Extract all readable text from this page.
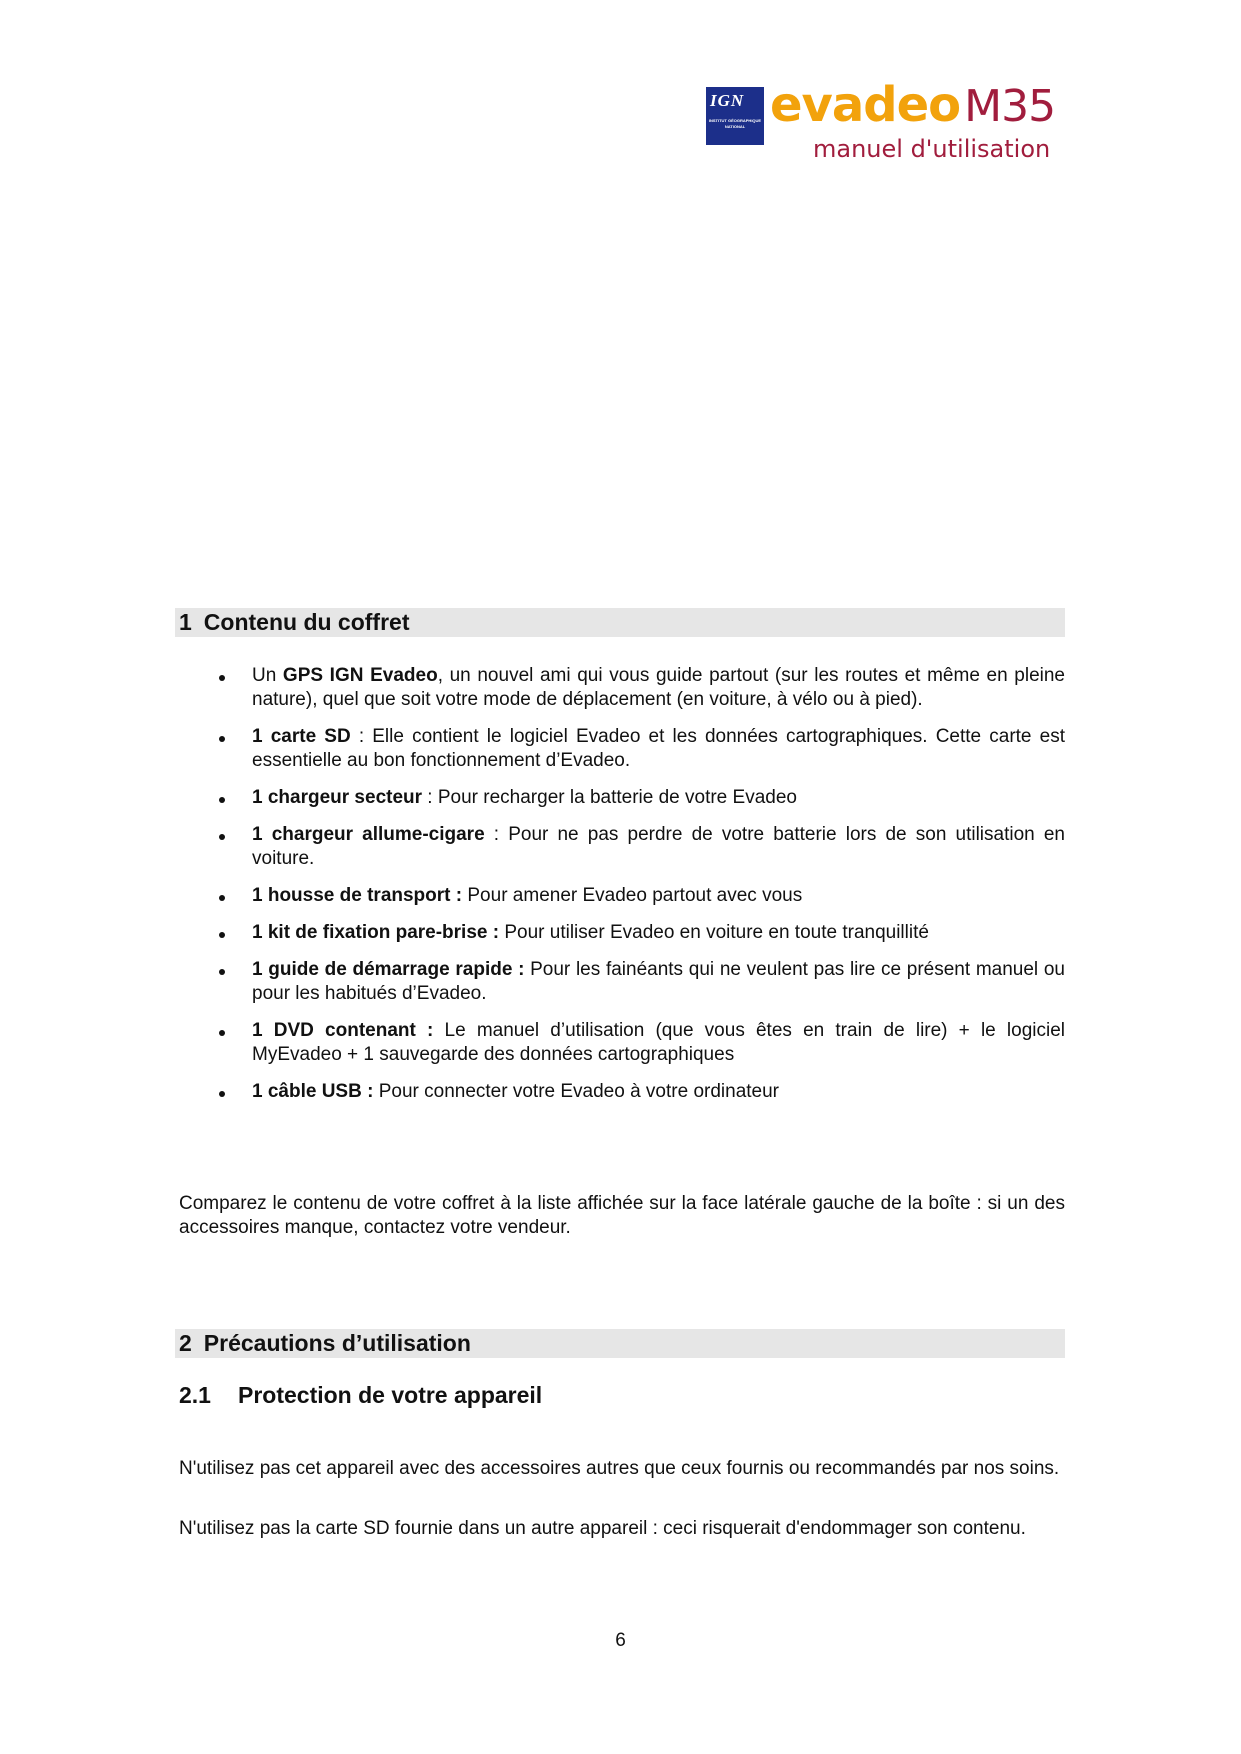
IGN
INSTITUT GÉOGRAPHIQUE NATIONAL evadeoM35
manuel d'utilisation
1 Contenu du coffret
Un GPS IGN Evadeo, un nouvel ami qui vous guide partout (sur les routes et même en pleine nature), quel que soit votre mode de déplacement (en voiture, à vélo ou à pied).
1 carte SD : Elle contient le logiciel Evadeo et les données cartographiques. Cette carte est essentielle au bon fonctionnement d’Evadeo.
1 chargeur secteur : Pour recharger la batterie de votre Evadeo
1 chargeur allume-cigare : Pour ne pas perdre de votre batterie lors de son utilisation en voiture.
1 housse de transport : Pour amener Evadeo partout avec vous
1 kit de fixation pare-brise : Pour utiliser Evadeo en voiture en toute tranquillité
1 guide de démarrage rapide : Pour les fainéants qui ne veulent pas lire ce présent manuel ou pour les habitués d’Evadeo.
1 DVD contenant : Le manuel d’utilisation (que vous êtes en train de lire) + le logiciel MyEvadeo + 1 sauvegarde des données cartographiques
1 câble USB : Pour connecter votre Evadeo à votre ordinateur

Comparez le contenu de votre coffret à la liste affichée sur la face latérale gauche de la boîte : si un des accessoires manque, contactez votre vendeur.

2 Précautions d’utilisation
2.1 Protection de votre appareil

N'utilisez pas cet appareil avec des accessoires autres que ceux fournis ou recommandés par nos soins.

N'utilisez pas la carte SD fournie dans un autre appareil : ceci risquerait d'endommager son contenu.

6
